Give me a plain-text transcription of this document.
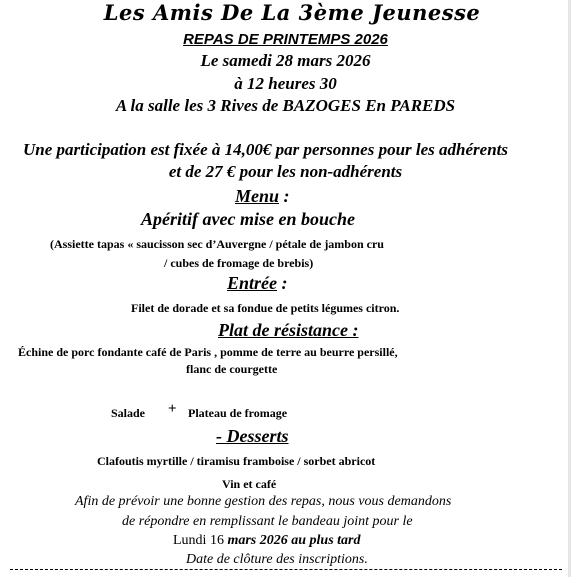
Les Amis De La 3ème Jeunesse
REPAS DE PRINTEMPS 2026
Le samedi 28 mars 2026
à 12 heures 30
A la salle les 3 Rives de BAZOGES En PAREDS
Une participation est fixée à 14,00€ par personnes pour les adhérents
et de 27 € pour les non-adhérents
Menu :
Apéritif avec mise en bouche
(Assiette tapas « saucisson sec d’Auvergne / pétale de jambon cru
/ cubes de fromage de brebis)
Entrée :
Filet de dorade et sa fondue de petits légumes citron.
Plat de résistance :
Échine de porc fondante café de Paris , pomme de terre au beurre persillé,
flanc de courgette
Salade + Plateau de fromage
- Desserts
Clafoutis myrtille / tiramisu framboise / sorbet abricot
Vin et café
Afin de prévoir une bonne gestion des repas, nous vous demandons
de répondre en remplissant le bandeau joint pour le
Lundi 16 mars 2026 au plus tard
Date de clôture des inscriptions.
